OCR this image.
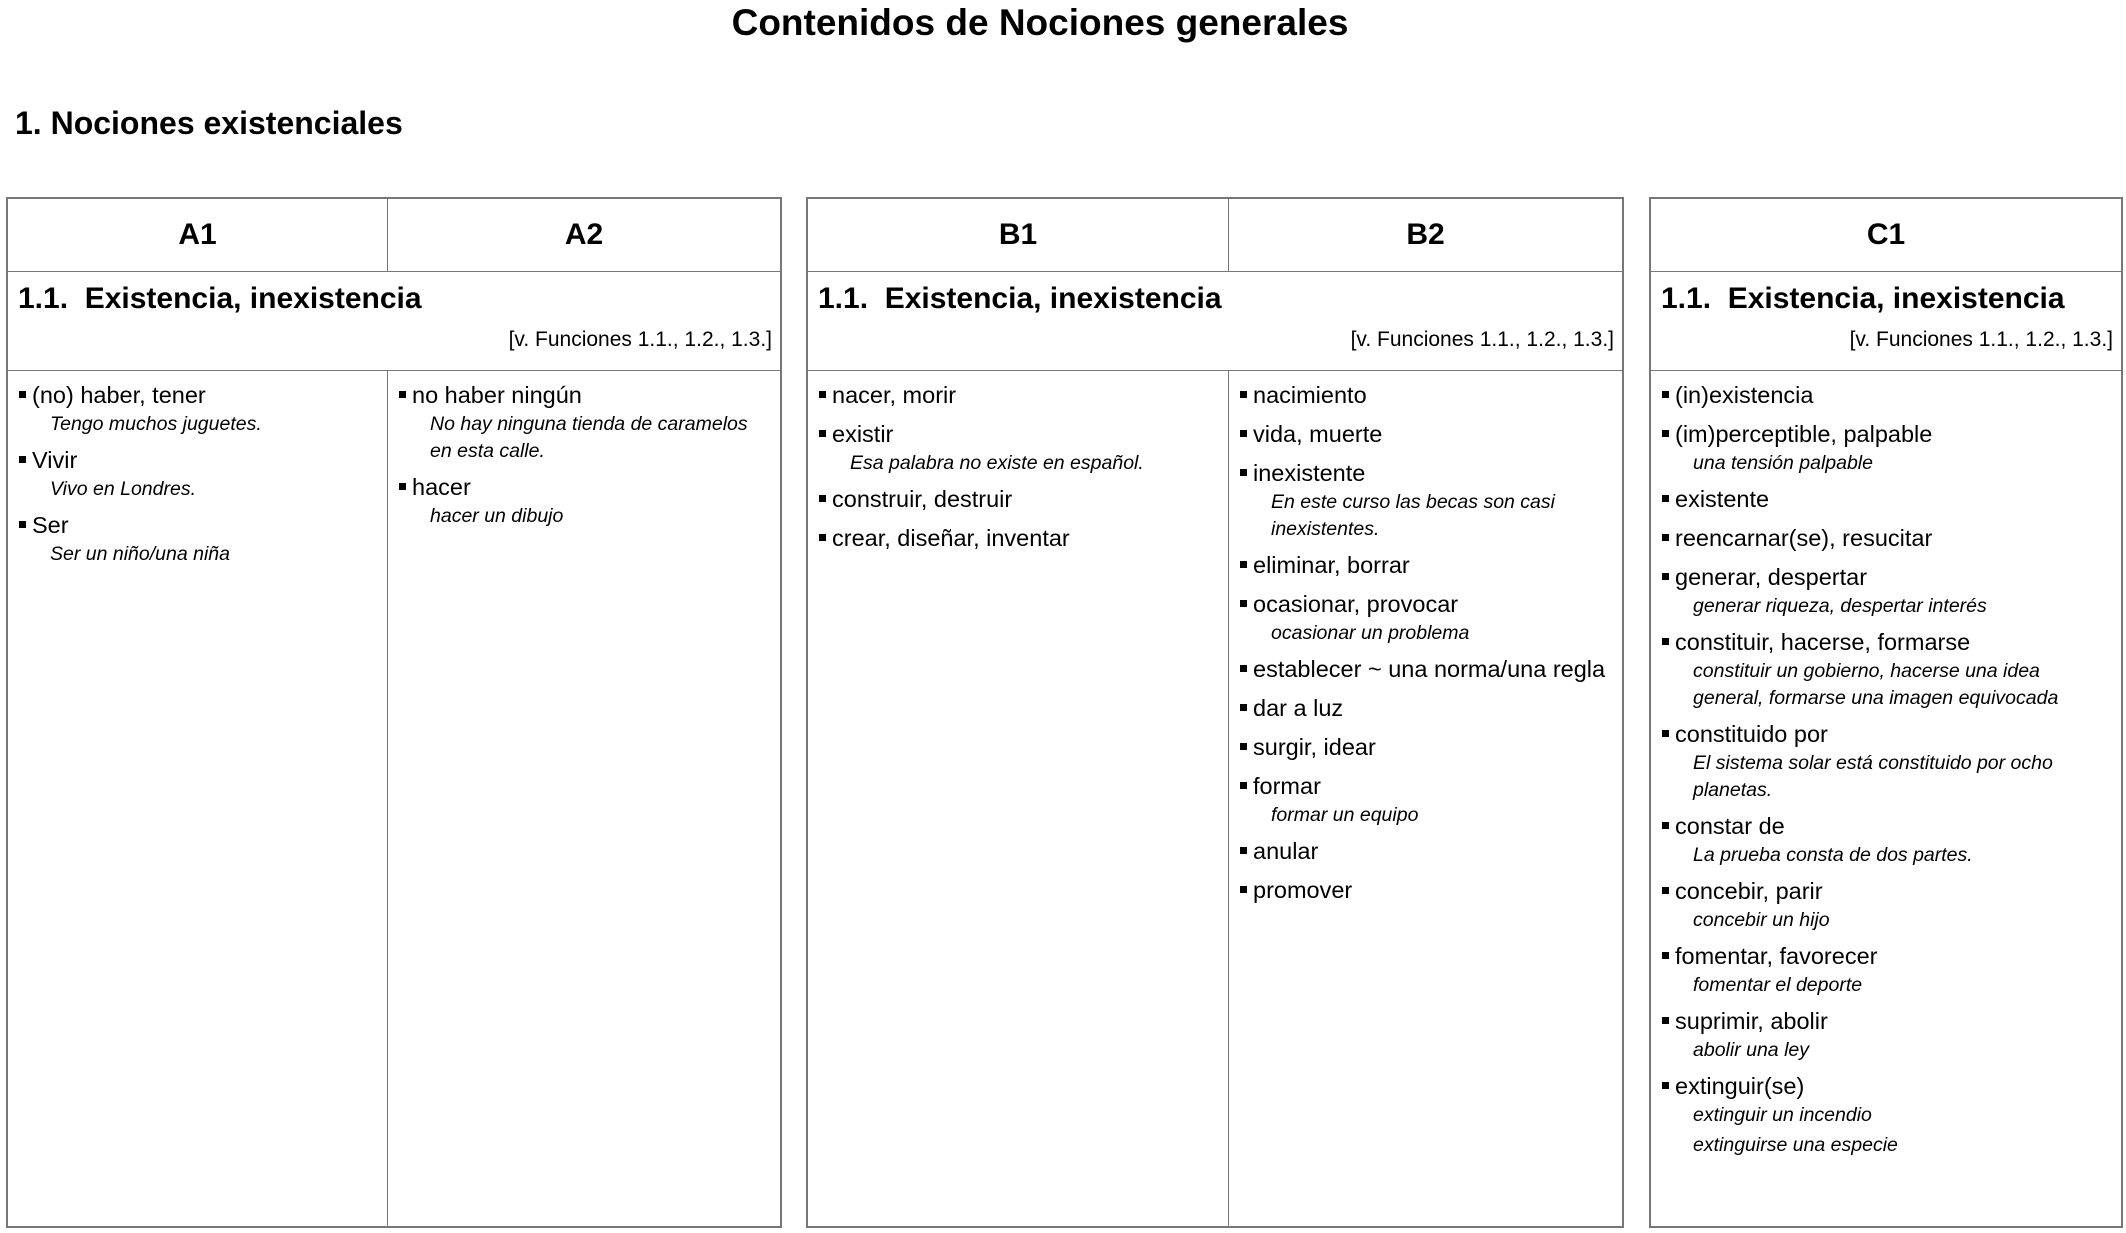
Contenidos de Nociones generales
1. Nociones existenciales
A1	A2
1.1.  Existencia, inexistencia
[v. Funciones 1.1., 1.2., 1.3.]
(no) haber, tener
Tengo muchos juguetes.
Vivir
Vivo en Londres.
Ser
Ser un niño/una niña
no haber ningún
No hay ninguna tienda de caramelos en esta calle.
hacer
hacer un dibujo
B1	B2
1.1.  Existencia, inexistencia
[v. Funciones 1.1., 1.2., 1.3.]
nacer, morir
existir
Esa palabra no existe en español.
construir, destruir
crear, diseñar, inventar
nacimiento
vida, muerte
inexistente
En este curso las becas son casi inexistentes.
eliminar, borrar
ocasionar, provocar
ocasionar un problema
establecer ~ una norma/una regla
dar a luz
surgir, idear
formar
formar un equipo
anular
promover
C1
1.1.  Existencia, inexistencia
[v. Funciones 1.1., 1.2., 1.3.]
(in)existencia
(im)perceptible, palpable
una tensión palpable
existente
reencarnar(se), resucitar
generar, despertar
generar riqueza, despertar interés
constituir, hacerse, formarse
constituir un gobierno, hacerse una idea general, formarse una imagen equivocada
constituido por
El sistema solar está constituido por ocho planetas.
constar de
La prueba consta de dos partes.
concebir, parir
concebir un hijo
fomentar, favorecer
fomentar el deporte
suprimir, abolir
abolir una ley
extinguir(se)
extinguir un incendio
extinguirse una especie
